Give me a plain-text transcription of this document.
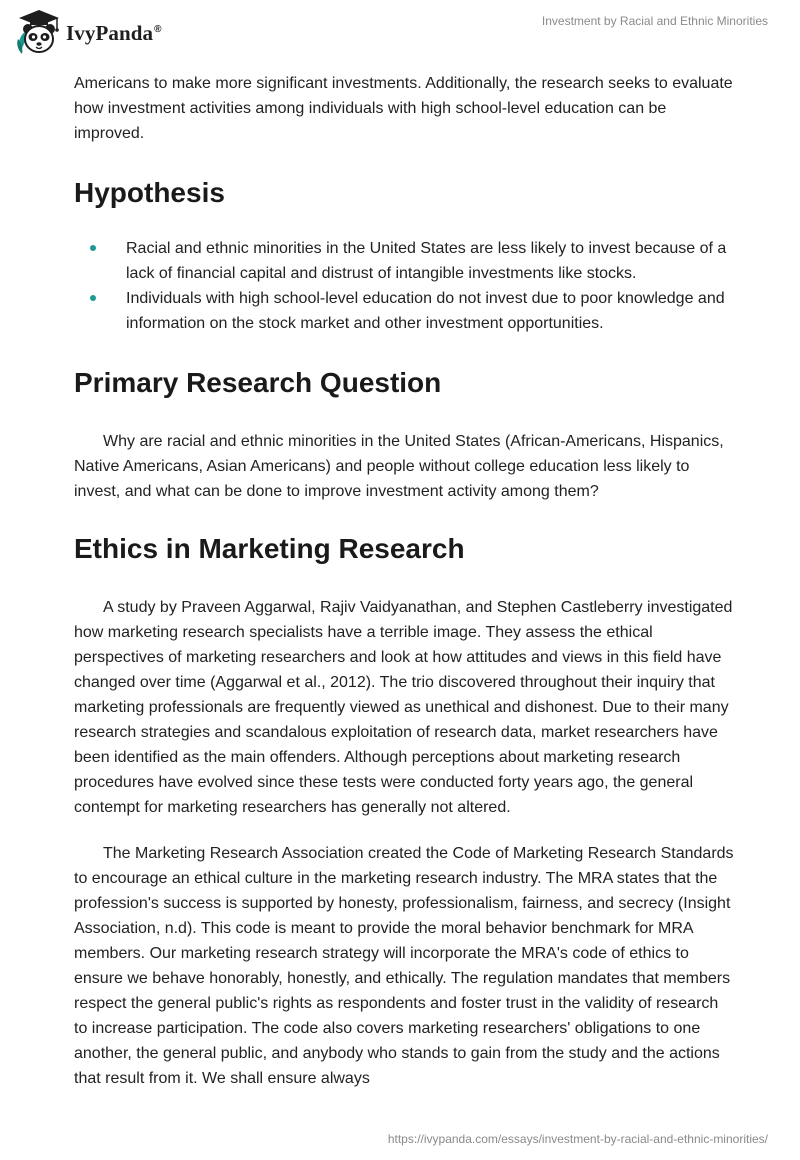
IvyPanda®
Investment by Racial and Ethnic Minorities

Americans to make more significant investments. Additionally, the research seeks to evaluate how investment activities among individuals with high school-level education can be improved.

Hypothesis
Racial and ethnic minorities in the United States are less likely to invest because of a lack of financial capital and distrust of intangible investments like stocks.
Individuals with high school-level education do not invest due to poor knowledge and information on the stock market and other investment opportunities.
Primary Research Question

Why are racial and ethnic minorities in the United States (African-Americans, Hispanics, Native Americans, Asian Americans) and people without college education less likely to invest, and what can be done to improve investment activity among them?

Ethics in Marketing Research

A study by Praveen Aggarwal, Rajiv Vaidyanathan, and Stephen Castleberry investigated how marketing research specialists have a terrible image. They assess the ethical perspectives of marketing researchers and look at how attitudes and views in this field have changed over time (Aggarwal et al., 2012). The trio discovered throughout their inquiry that marketing professionals are frequently viewed as unethical and dishonest. Due to their many research strategies and scandalous exploitation of research data, market researchers have been identified as the main offenders. Although perceptions about marketing research procedures have evolved since these tests were conducted forty years ago, the general contempt for marketing researchers has generally not altered.

The Marketing Research Association created the Code of Marketing Research Standards to encourage an ethical culture in the marketing research industry. The MRA states that the profession's success is supported by honesty, professionalism, fairness, and secrecy (Insight Association, n.d). This code is meant to provide the moral behavior benchmark for MRA members. Our marketing research strategy will incorporate the MRA's code of ethics to ensure we behave honorably, honestly, and ethically. The regulation mandates that members respect the general public's rights as respondents and foster trust in the validity of research to increase participation. The code also covers marketing researchers' obligations to one another, the general public, and anybody who stands to gain from the study and the actions that result from it. We shall ensure always

https://ivypanda.com/essays/investment-by-racial-and-ethnic-minorities/
